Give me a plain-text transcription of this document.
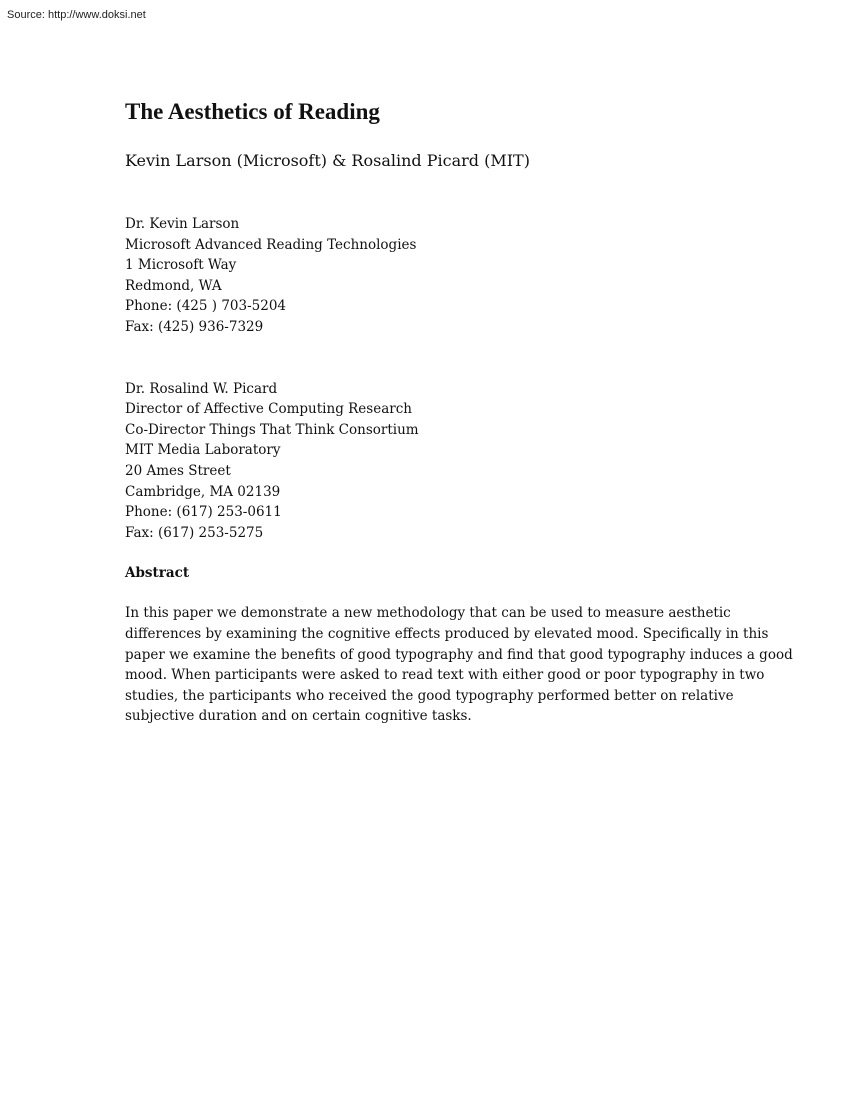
Source: http://www.doksi.net

The Aesthetics of Reading

Kevin Larson (Microsoft) & Rosalind Picard (MIT)

Dr. Kevin Larson
Microsoft Advanced Reading Technologies
1 Microsoft Way
Redmond, WA
Phone: (425 ) 703-5204
Fax: (425) 936-7329
Dr. Rosalind W. Picard
Director of Affective Computing Research
Co-Director Things That Think Consortium
MIT Media Laboratory
20 Ames Street
Cambridge, MA 02139
Phone: (617) 253-0611
Fax: (617) 253-5275
Abstract
In this paper we demonstrate a new methodology that can be used to measure aesthetic
differences by examining the cognitive effects produced by elevated mood. Specifically in this
paper we examine the benefits of good typography and find that good typography induces a good
mood. When participants were asked to read text with either good or poor typography in two
studies, the participants who received the good typography performed better on relative
subjective duration and on certain cognitive tasks.
